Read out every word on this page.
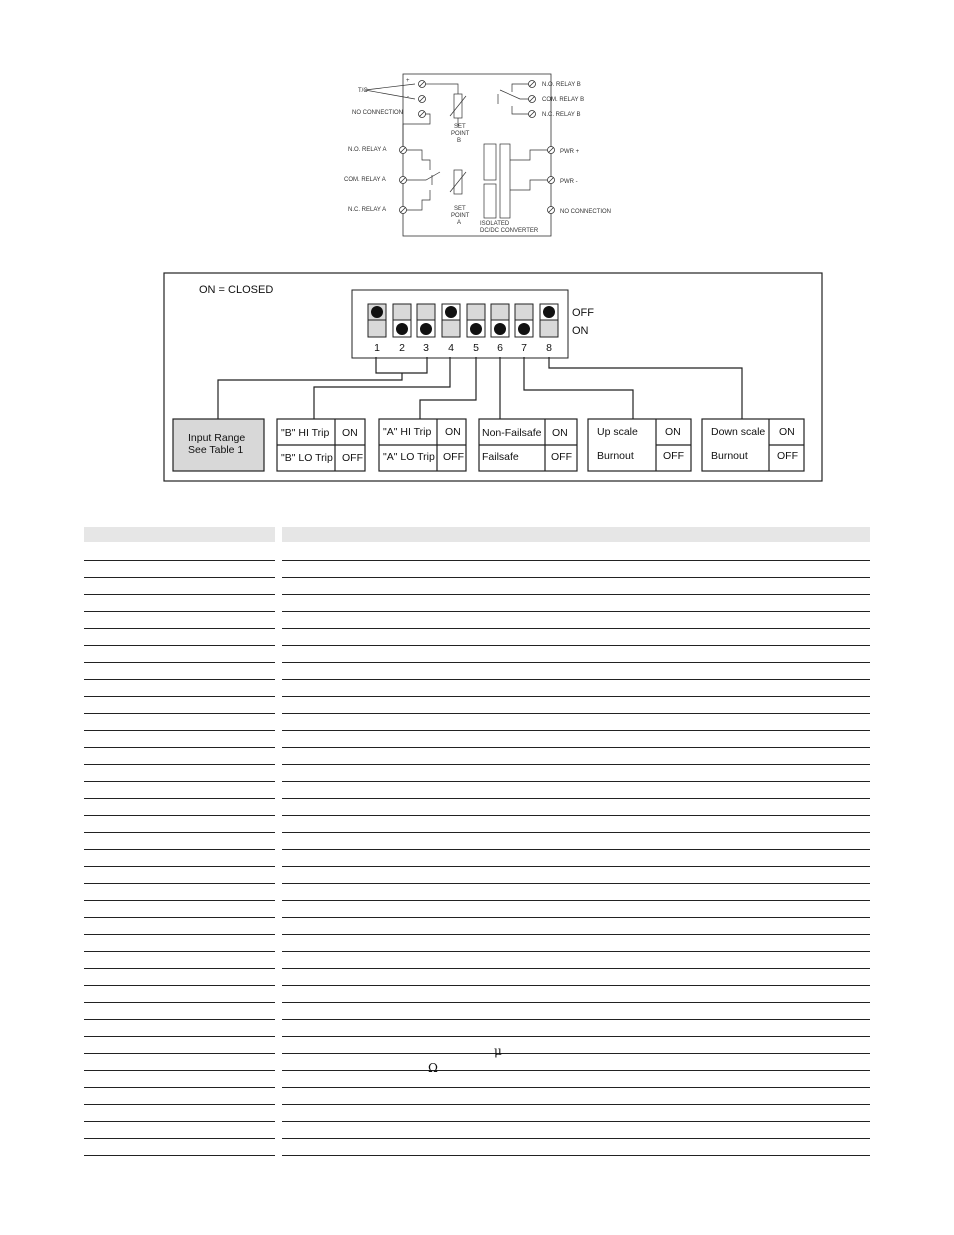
T/C
NO CONNECTION
N.O. RELAY A
COM. RELAY A
N.C. RELAY A
+
-
N.O. RELAY B
COM. RELAY B
N.C. RELAY B
PWR +
PWR -
NO CONNECTION
SET
POINT
B
SET
POINT
A	ISOLATED
DC/DC CONVERTER
ON = CLOSED
1 2 3 4 5 6 7 8
OFF
ON
Input Range
See Table 1
"B" HI Trip ON
"B" LO Trip OFF
"A" HI Trip ON
"A" LO Trip OFF
Non-Failsafe ON
Failsafe	OFF
Up scale	ON
Burnout	OFF
Down scale ON
Burnout	OFF
μ
Ω
